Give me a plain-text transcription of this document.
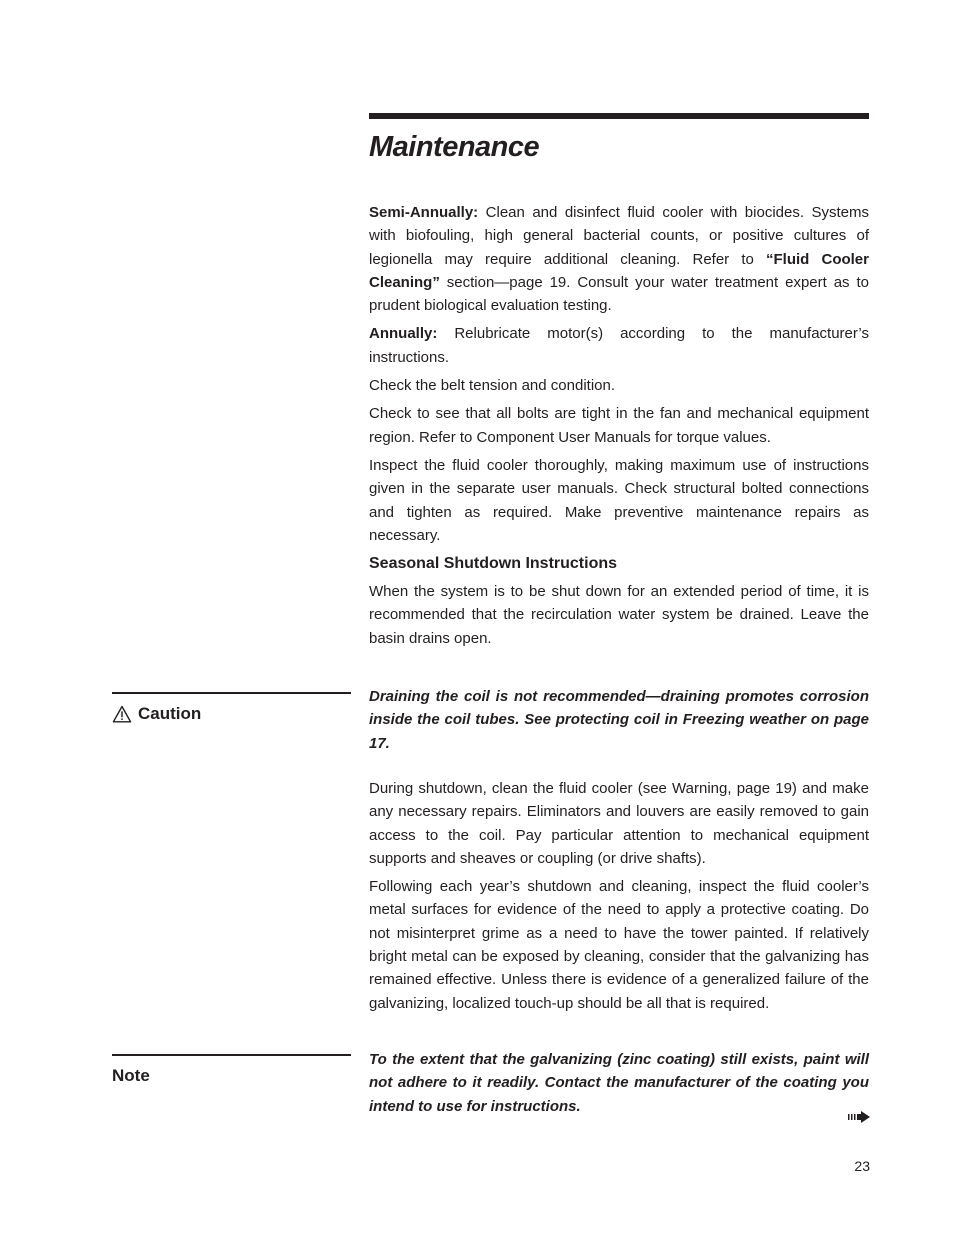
Maintenance

Semi-Annually: Clean and disinfect fluid cooler with biocides. Systems with biofouling, high general bacterial counts, or positive cultures of legionella may require additional cleaning. Refer to “Fluid Cooler Cleaning” section—page 19. Consult your water treatment expert as to prudent biological evaluation testing.

Annually: Relubricate motor(s) according to the manufacturer’s instructions.

Check the belt tension and condition.

Check to see that all bolts are tight in the fan and mechanical equipment region. Refer to Component User Manuals for torque values.

Inspect the fluid cooler thoroughly, making maximum use of instructions given in the separate user manuals. Check structural bolted connections and tighten as required. Make preventive maintenance repairs as necessary.

Seasonal Shutdown Instructions

When the system is to be shut down for an extended period of time, it is recommended that the recirculation water system be drained. Leave the basin drains open.

Caution

Draining the coil is not recommended—draining promotes corrosion inside the coil tubes. See protecting coil in Freezing weather on page 17.

During shutdown, clean the fluid cooler (see Warning, page 19) and make any necessary repairs. Eliminators and louvers are easily removed to gain access to the coil. Pay particular attention to mechanical equipment supports and sheaves or coupling (or drive shafts).

Following each year’s shutdown and cleaning, inspect the fluid cooler’s metal surfaces for evidence of the need to apply a protective coating. Do not misinterpret grime as a need to have the tower painted. If relatively bright metal can be exposed by cleaning, consider that the galvanizing has remained effective. Unless there is evidence of a generalized failure of the galvanizing, localized touch-up should be all that is required.

Note

To the extent that the galvanizing (zinc coating) still exists, paint will not adhere to it readily. Contact the manufacturer of the coating you intend to use for instructions.

23
